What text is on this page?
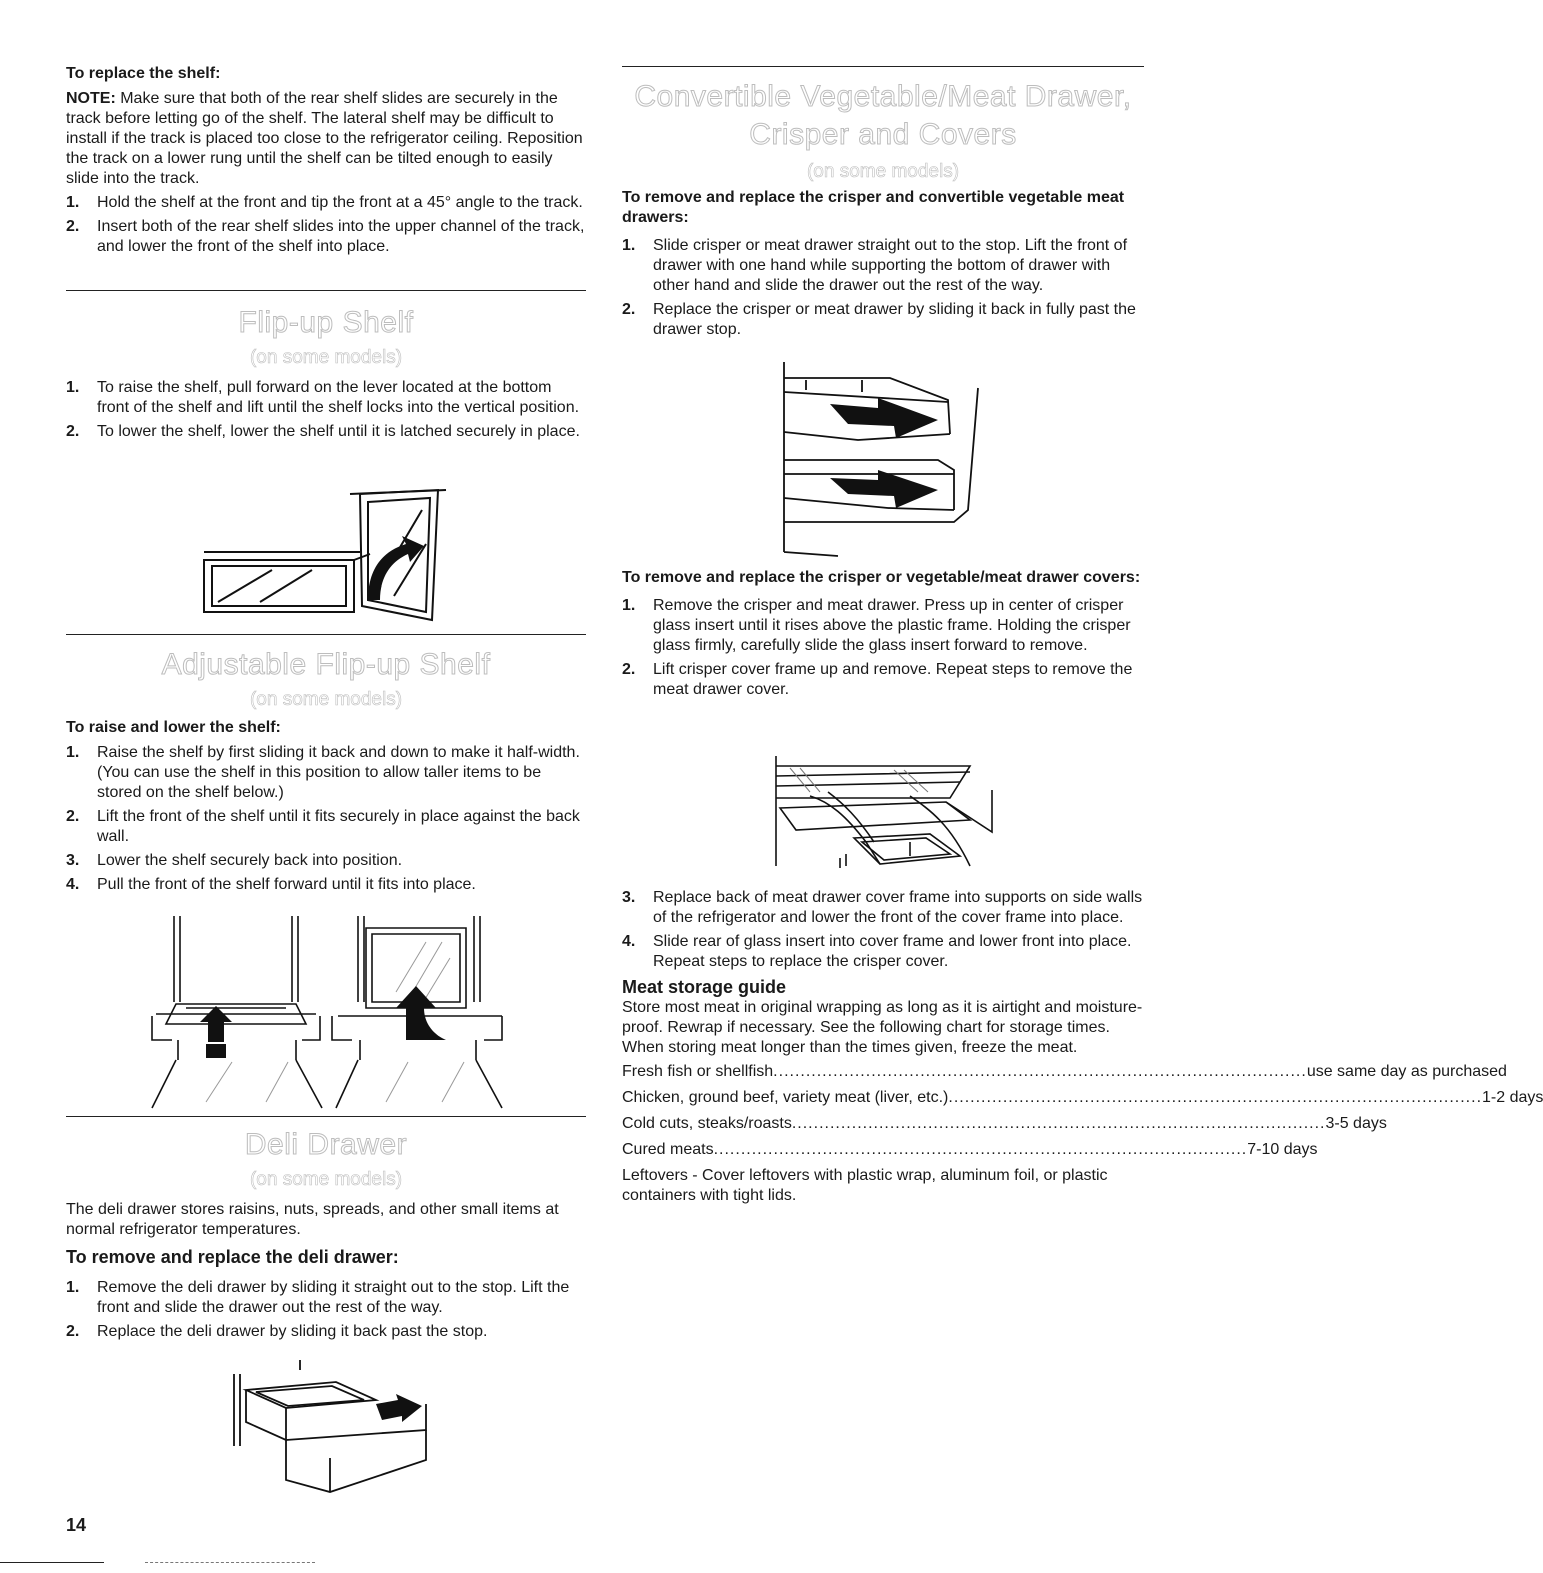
To replace the shelf:

NOTE: Make sure that both of the rear shelf slides are securely in the track before letting go of the shelf. The lateral shelf may be difficult to install if the track is placed too close to the refrigerator ceiling. Reposition the track on a lower rung until the shelf can be tilted enough to easily slide into the track.

1. Hold the shelf at the front and tip the front at a 45° angle to the track.
2. Insert both of the rear shelf slides into the upper channel of the track, and lower the front of the shelf into place.
Flip-up Shelf
(on some models)
1. To raise the shelf, pull forward on the lever located at the bottom front of the shelf and lift until the shelf locks into the vertical position.
2. To lower the shelf, lower the shelf until it is latched securely in place.
Adjustable Flip-up Shelf
(on some models)

To raise and lower the shelf:

1. Raise the shelf by first sliding it back and down to make it half-width. (You can use the shelf in this position to allow taller items to be stored on the shelf below.)
2. Lift the front of the shelf until it fits securely in place against the back wall.
3. Lower the shelf securely back into position.
4. Pull the front of the shelf forward until it fits into place.
Deli Drawer
(on some models)

The deli drawer stores raisins, nuts, spreads, and other small items at normal refrigerator temperatures.

To remove and replace the deli drawer:

1. Remove the deli drawer by sliding it straight out to the stop. Lift the front and slide the drawer out the rest of the way.
2. Replace the deli drawer by sliding it back past the stop.
Convertible Vegetable/Meat Drawer,
Crisper and Covers
(on some models)

To remove and replace the crisper and convertible vegetable meat drawers:

1. Slide crisper or meat drawer straight out to the stop. Lift the front of drawer with one hand while supporting the bottom of drawer with other hand and slide the drawer out the rest of the way.
2. Replace the crisper or meat drawer by sliding it back in fully past the drawer stop.

To remove and replace the crisper or vegetable/meat drawer covers:

1. Remove the crisper and meat drawer. Press up in center of crisper glass insert until it rises above the plastic frame. Holding the crisper glass firmly, carefully slide the glass insert forward to remove.
2. Lift crisper cover frame up and remove. Repeat steps to remove the meat drawer cover.
3. Replace back of meat drawer cover frame into supports on side walls of the refrigerator and lower the front of the cover frame into place.
4. Slide rear of glass insert into cover frame and lower front into place. Repeat steps to replace the crisper cover.

Meat storage guide

Store most meat in original wrapping as long as it is airtight and moisture-proof. Rewrap if necessary. See the following chart for storage times. When storing meat longer than the times given, freeze the meat.

Fresh fish or shellfish .................................................................................................. use same day as purchased
Chicken, ground beef, variety meat (liver, etc.) .................................................................................................. 1-2 days
Cold cuts, steaks/roasts .................................................................................................. 3-5 days
Cured meats .................................................................................................. 7-10 days

Leftovers - Cover leftovers with plastic wrap, aluminum foil, or plastic containers with tight lids.

14
